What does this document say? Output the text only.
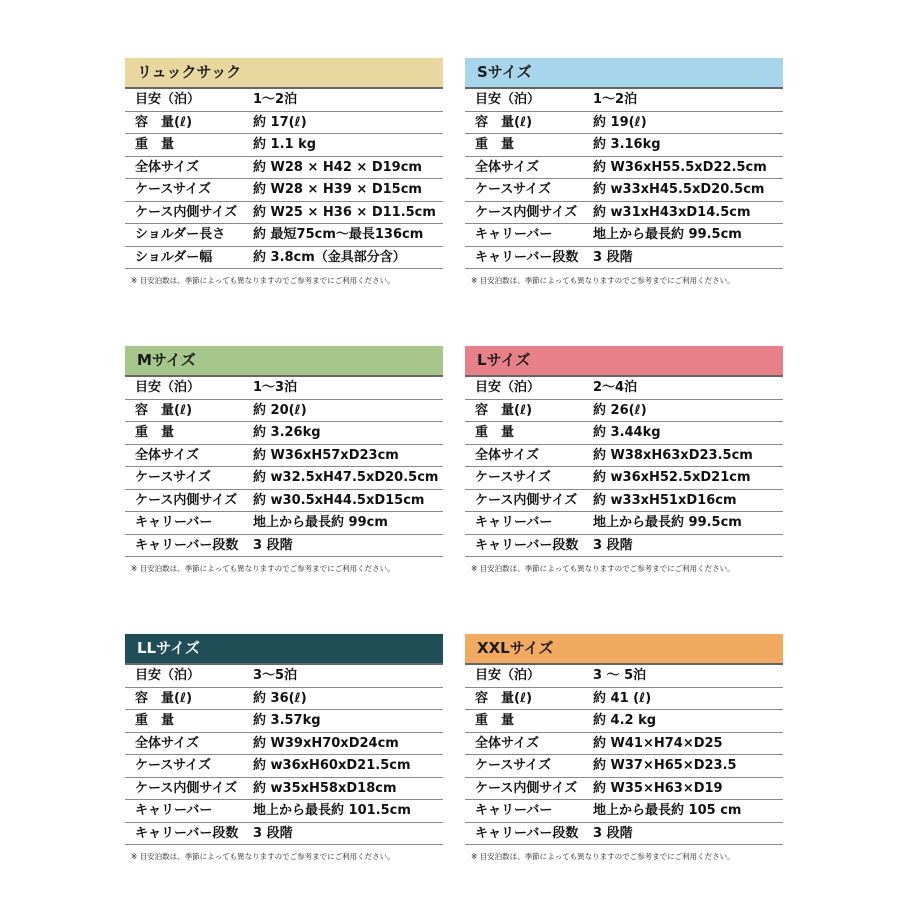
リュックサック
目安（泊）	1～2泊
容　量(ℓ)	約 17(ℓ)
重　量	約 1.1 kg
全体サイズ	約 W28 × H42 × D19cm
ケースサイズ	約 W28 × H39 × D15cm
ケース内側サイズ	約 W25 × H36 × D11.5cm
ショルダー長さ	約 最短75cm～最長136cm
ショルダー幅	約 3.8cm（金具部分含）
※ 目安泊数は、季節によっても異なりますのでご参考までにご利用ください。
Sサイズ
目安（泊）	1～2泊
容　量(ℓ)	約 19(ℓ)
重　量	約 3.16kg
全体サイズ	約 W36xH55.5xD22.5cm
ケースサイズ	約 w33xH45.5xD20.5cm
ケース内側サイズ	約 w31xH43xD14.5cm
キャリーバー	地上から最長約 99.5cm
キャリーバー段数	3 段階
※ 目安泊数は、季節によっても異なりますのでご参考までにご利用ください。
Mサイズ
目安（泊）	1～3泊
容　量(ℓ)	約 20(ℓ)
重　量	約 3.26kg
全体サイズ	約 W36xH57xD23cm
ケースサイズ	約 w32.5xH47.5xD20.5cm
ケース内側サイズ	約 w30.5xH44.5xD15cm
キャリーバー	地上から最長約 99cm
キャリーバー段数	3 段階
※ 目安泊数は、季節によっても異なりますのでご参考までにご利用ください。
Lサイズ
目安（泊）	2～4泊
容　量(ℓ)	約 26(ℓ)
重　量	約 3.44kg
全体サイズ	約 W38xH63xD23.5cm
ケースサイズ	約 w36xH52.5xD21cm
ケース内側サイズ	約 w33xH51xD16cm
キャリーバー	地上から最長約 99.5cm
キャリーバー段数	3 段階
※ 目安泊数は、季節によっても異なりますのでご参考までにご利用ください。
LLサイズ
目安（泊）	3～5泊
容　量(ℓ)	約 36(ℓ)
重　量	約 3.57kg
全体サイズ	約 W39xH70xD24cm
ケースサイズ	約 w36xH60xD21.5cm
ケース内側サイズ	約 w35xH58xD18cm
キャリーバー	地上から最長約 101.5cm
キャリーバー段数	3 段階
※ 目安泊数は、季節によっても異なりますのでご参考までにご利用ください。
XXLサイズ
目安（泊）	3 ～ 5泊
容　量(ℓ)	約 41 (ℓ)
重　量	約 4.2 kg
全体サイズ	約 W41×H74×D25
ケースサイズ	約 W37×H65×D23.5
ケース内側サイズ	約 W35×H63×D19
キャリーバー	地上から最長約 105 cm
キャリーバー段数	3 段階
※ 目安泊数は、季節によっても異なりますのでご参考までにご利用ください。
